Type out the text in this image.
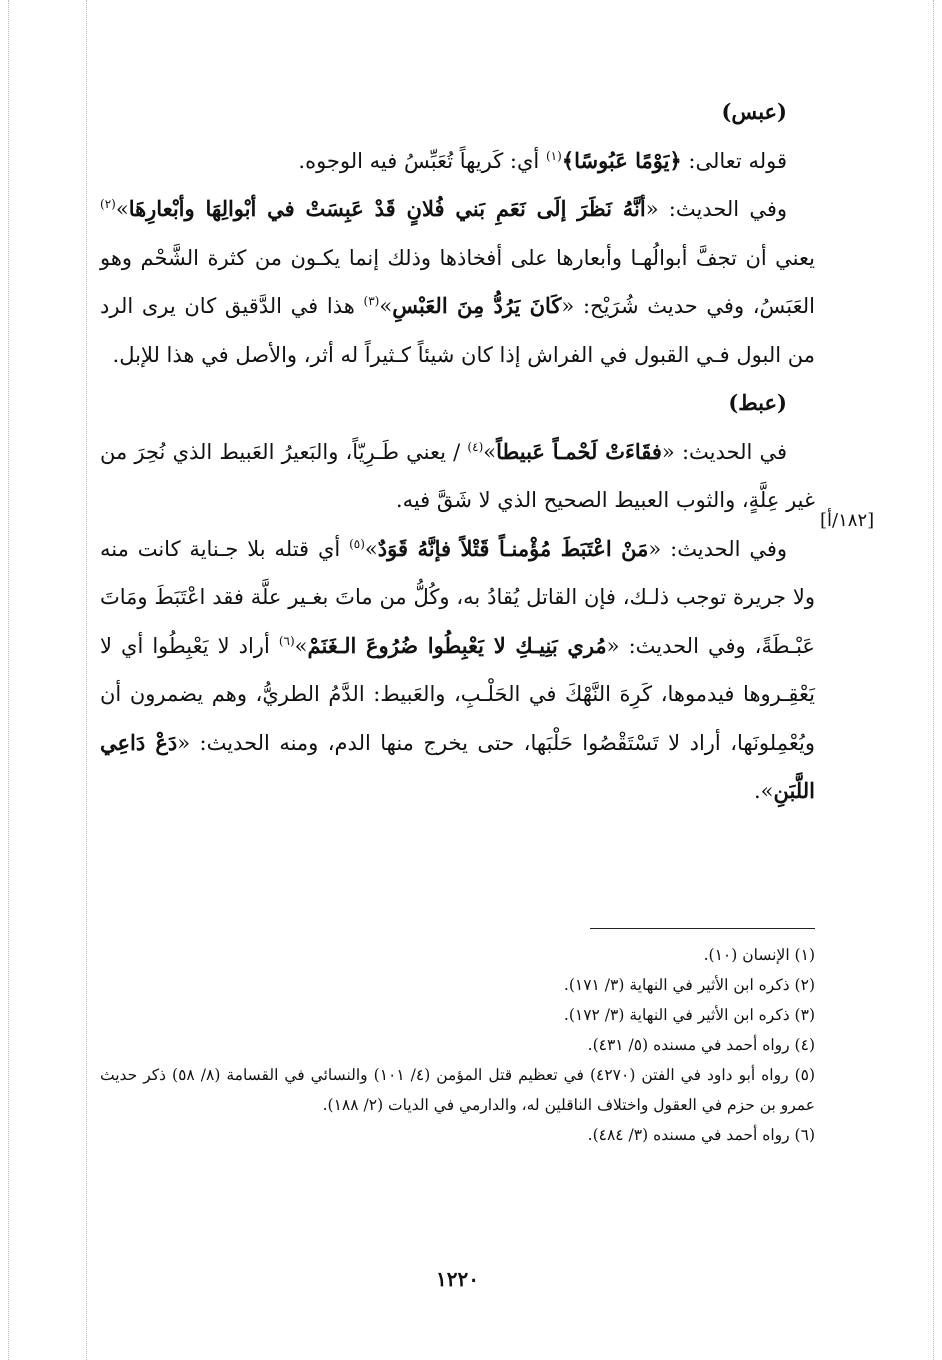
(عبس)

قوله تعالى: ﴿يَوْمًا عَبُوسًا﴾$^{(١)}$ أي: كَريهاً تُعَبِّسُ فيه الوجوه.

وفي الحديث: «أنَّهُ نَظَرَ إلَى نَعَمِ بَني فُلانٍ قَدْ عَبِسَتْ في أبْوالِهَا وأبْعارِهَا»$^{(٢)}$ يعني أن تجفَّ أبوالُهـا وأبعارها على أفخاذها وذلك إنما يكـون من كثرة الشَّحْم وهو العَبَسُ، وفي حديث شُرَيْح: «كَانَ يَرُدُّ مِنَ العَبْسِ»$^{(٣)}$ هذا في الدَّقيق كان يرى الرد من البول فـي القبول في الفراش إذا كان شيئاً كـثيراً له أثر، والأصل في هذا للإبل.

(عبط)

في الحديث: «فقَاءَتْ لَحْمـاً عَبيطاً»$^{(٤)}$ / يعني طَـرِيّاً، والبَعيرُ العَبيط الذي نُحِرَ من غير عِلَّةٍ، والثوب العبيط الصحيح الذي لا شَقَّ فيه.

وفي الحديث: «مَنْ اعْتَبَطَ مُؤْمنـاً قَتْلاً فإنَّهُ قَوَدٌ»$^{(٥)}$ أي قتله بلا جـناية كانت منه ولا جريرة توجب ذلـك، فإن القاتل يُقادُ به، وكُلُّ من ماتَ بغـير علَّة فقد اعْتَبَطَ ومَاتَ عَبْـطَةً، وفي الحديث: «مُري بَنِيـكِ لا يَعْبِطُوا ضُرُوعَ الـغَنَمْ»$^{(٦)}$ أراد لا يَعْبِطُوا أي لا يَعْقِـروها فيدموها، كَرِهَ النَّهْكَ في الحَلْـبِ، والعَبيط: الدَّمُ الطريُّ، وهم يضمرون أن ويُعْمِلونَها، أراد لا تَسْتَقْصُوا حَلْبَها، حتى يخرج منها الدم، ومنه الحديث: «دَعْ دَاعِي اللَّبَنِ».

[١٨٢/أ]

(١) الإنسان (١٠).

(٢) ذكره ابن الأثير في النهاية (٣/ ١٧١).

(٣) ذكره ابن الأثير في النهاية (٣/ ١٧٢).

(٤) رواه أحمد في مسنده (٥/ ٤٣١).

(٥) رواه أبو داود في الفتن (٤٢٧٠) في تعظيم قتل المؤمن (٤/ ١٠١) والنسائي في القسامة (٨/ ٥٨) ذكر حديث عمرو بن حزم في العقول واختلاف الناقلين له، والدارمي في الديات (٢/ ١٨٨).

(٦) رواه أحمد في مسنده (٣/ ٤٨٤).

١٢٢٠
